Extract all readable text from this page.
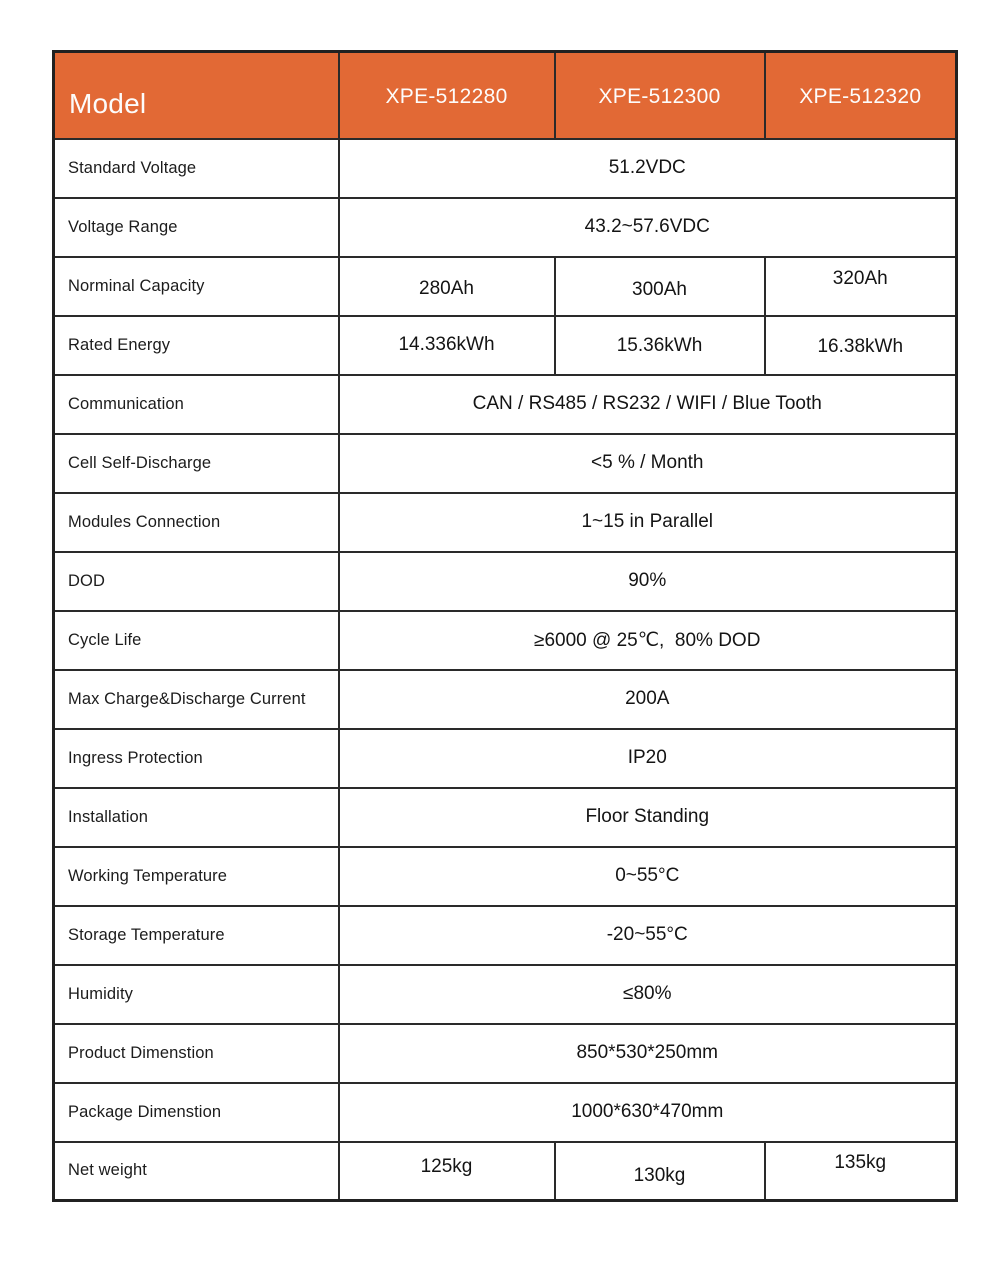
Model	XPE-512280	XPE-512300	XPE-512320
Standard Voltage	51.2VDC		
Voltage Range	43.2~57.6VDC		
Norminal Capacity	280Ah	300Ah	320Ah
Rated Energy	14.336kWh	15.36kWh	16.38kWh
Communication	CAN / RS485 / RS232 / WIFI / Blue Tooth		
Cell Self-Discharge	<5 % / Month		
Modules Connection	1~15 in Parallel		
DOD	90%		
Cycle Life	≥6000 @ 25℃,  80% DOD		
Max Charge&Discharge Current	200A		
Ingress Protection	IP20		
Installation	Floor Standing		
Working Temperature	0~55°C		
Storage Temperature	-20~55°C		
Humidity	≤80%		
Product Dimenstion	850*530*250mm		
Package Dimenstion	1000*630*470mm		
Net weight	125kg	130kg	135kg
